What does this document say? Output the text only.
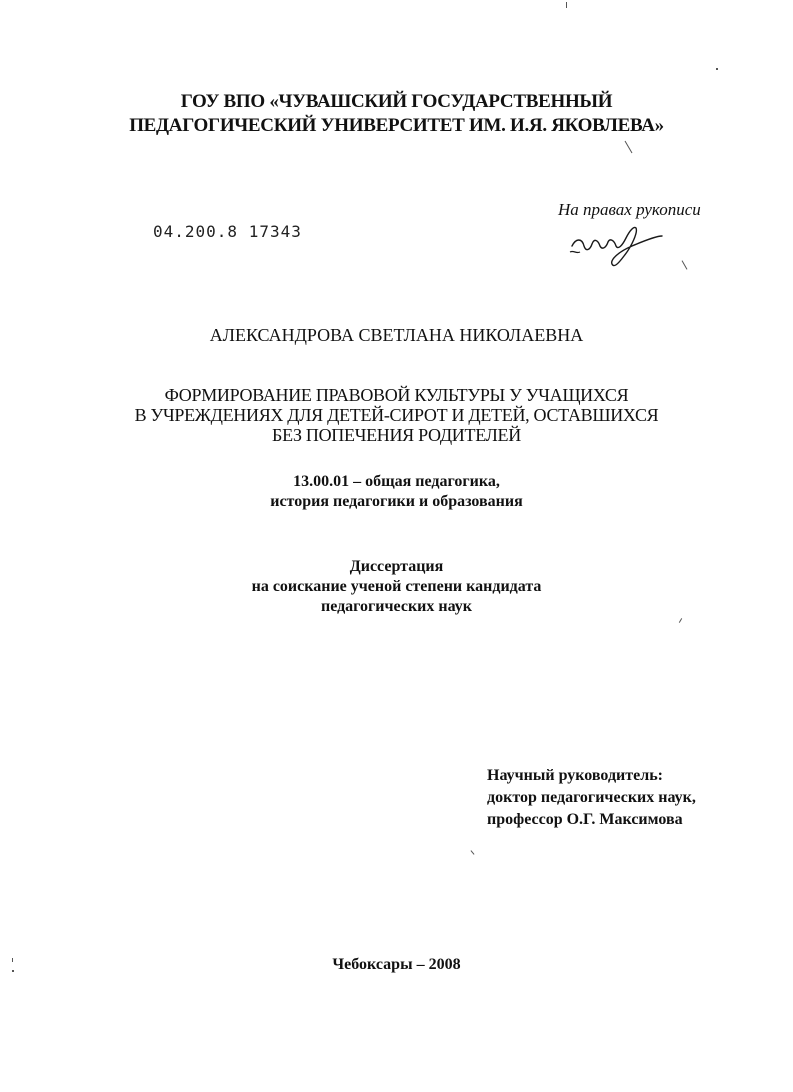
ГОУ ВПО «ЧУВАШСКИЙ ГОСУДАРСТВЕННЫЙ
ПЕДАГОГИЧЕСКИЙ УНИВЕРСИТЕТ ИМ. И.Я. ЯКОВЛЕВА»
04.200.8 17343
На правах рукописи
АЛЕКСАНДРОВА СВЕТЛАНА НИКОЛАЕВНА
ФОРМИРОВАНИЕ ПРАВОВОЙ КУЛЬТУРЫ У УЧАЩИХСЯ
В УЧРЕЖДЕНИЯХ ДЛЯ ДЕТЕЙ-СИРОТ И ДЕТЕЙ, ОСТАВШИХСЯ
БЕЗ ПОПЕЧЕНИЯ РОДИТЕЛЕЙ
13.00.01 – общая педагогика,
история педагогики и образования
Диссертация
на соискание ученой степени кандидата
педагогических наук
Научный руководитель:
доктор педагогических наук,
профессор О.Г. Максимова
Чебоксары – 2008
